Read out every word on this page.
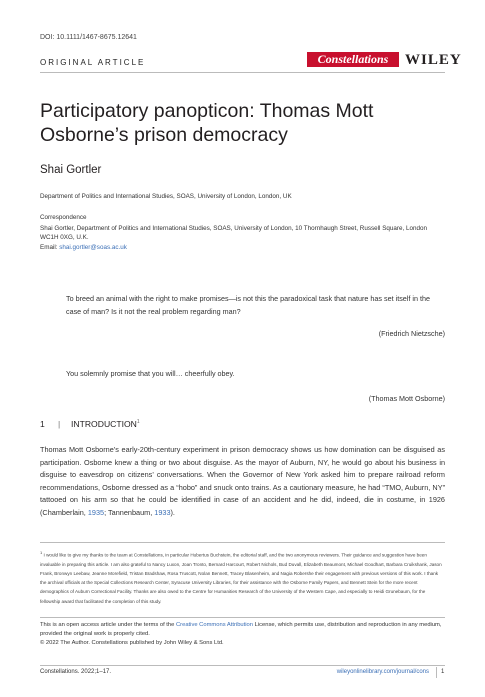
DOI: 10.1111/1467-8675.12641
ORIGINAL ARTICLE	Constellations	WILEY
Participatory panopticon: Thomas Mott Osborne’s prison democracy
Shai Gortler
Department of Politics and International Studies, SOAS, University of London, London, UK
Correspondence
Shai Gortler, Department of Politics and International Studies, SOAS, University of London, 10 Thornhaugh Street, Russell Square, London WC1H 0XG, U.K.
Email: shai.gortler@soas.ac.uk
To breed an animal with the right to make promises—is not this the paradoxical task that nature has set itself in the case of man? Is it not the real problem regarding man?
(Friedrich Nietzsche)
You solemnly promise that you will… cheerfully obey.
(Thomas Mott Osborne)
1 | INTRODUCTION$^1$
Thomas Mott Osborne’s early-20th-century experiment in prison democracy shows us how domination can be disguised as participation. Osborne knew a thing or two about disguise. As the mayor of Auburn, NY, he would go about his business in disguise to eavesdrop on citizens’ conversations. When the Governor of New York asked him to prepare railroad reform recommendations, Osborne dressed as a “hobo” and snuck onto trains. As a cautionary measure, he had “TMO, Auburn, NY” tattooed on his arm so that he could be identified in case of an accident and he did, indeed, die in costume, in 1926 (Chamberlain, 1935; Tannenbaum, 1933).
$^1$ I would like to give my thanks to the team at Constellations, in particular Hubertus Buchstein, the editorial staff, and the two anonymous reviewers. Their guidance and suggestion have been invaluable in preparing this article. I am also grateful to Nancy Luxon, Joan Tronto, Bernard Harcourt, Robert Nichols, Bud Duvall, Elizabeth Beaumont, Michael Goodhart, Barbara Cruikshank, Jason Frank, Bronwyn Leebaw, Jeanne Morefield, Tristan Bradshaw, Rosa Truscott, Nolan Bennett, Tracey Blasenheim, and Nagia Robershe their engagement with previous versions of this work. I thank the archival officials at the Special Collections Research Center, Syracuse University Libraries, for their assistance with the Osborne Family Papers, and Bennett Stein for the more recent demographics of Auburn Correctional Facility. Thanks are also owed to the Centre for Humanities Research of the University of the Western Cape, and especially to Heidi Grunebaum, for the fellowship award that facilitated the completion of this study.
This is an open access article under the terms of the Creative Commons Attribution License, which permits use, distribution and reproduction in any medium, provided the original work is properly cited.
© 2022 The Author. Constellations published by John Wiley & Sons Ltd.
Constellations. 2022;1–17.	wileyonlinelibrary.com/journal/cons 1
